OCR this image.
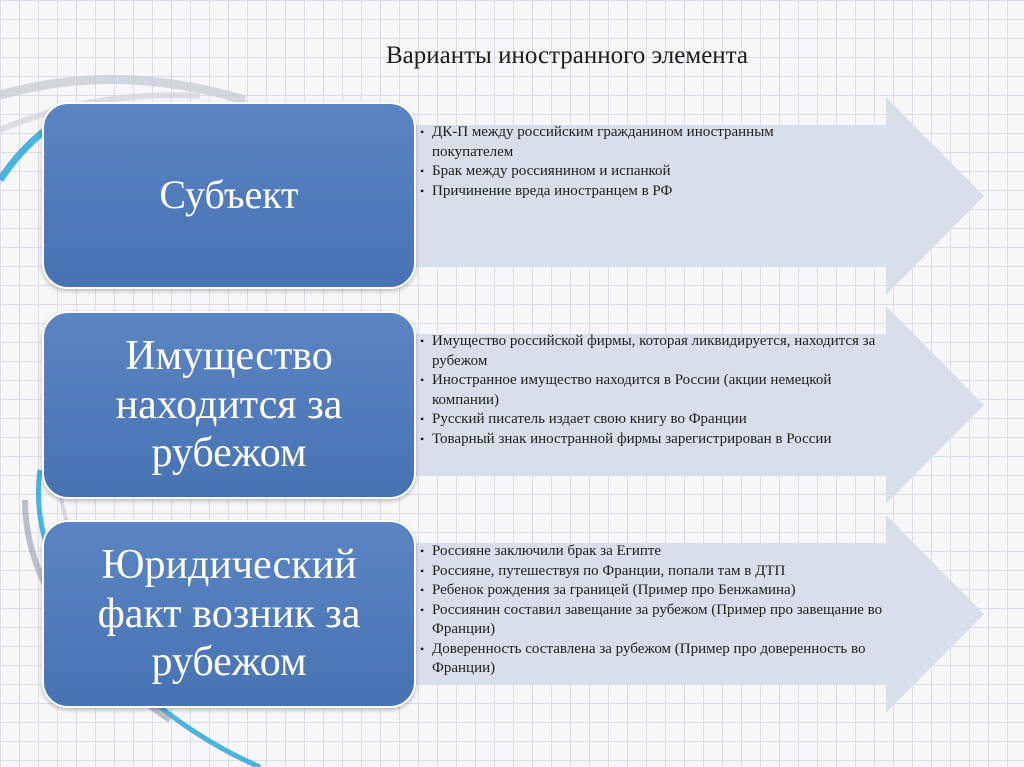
Варианты иностранного элемента
Субъект
• ДК-П между российским гражданином иностранным покупателем
• Брак между россиянином и испанкой
• Причинение вреда иностранцем в РФ
Имущество находится за рубежом
• Имущество российской фирмы, которая ликвидируется, находится за рубежом
• Иностранное имущество находится в России (акции немецкой компании)
• Русский писатель издает свою книгу во Франции
• Товарный знак иностранной фирмы зарегистрирован в России
Юридический факт возник за рубежом
• Россияне заключили брак за Египте
• Россияне, путешествуя по Франции, попали там в ДТП
• Ребенок рождения за границей (Пример про Бенжамина)
• Россиянин составил завещание за рубежом (Пример про завещание во Франции)
• Доверенность составлена за рубежом (Пример про доверенность во Франции)
